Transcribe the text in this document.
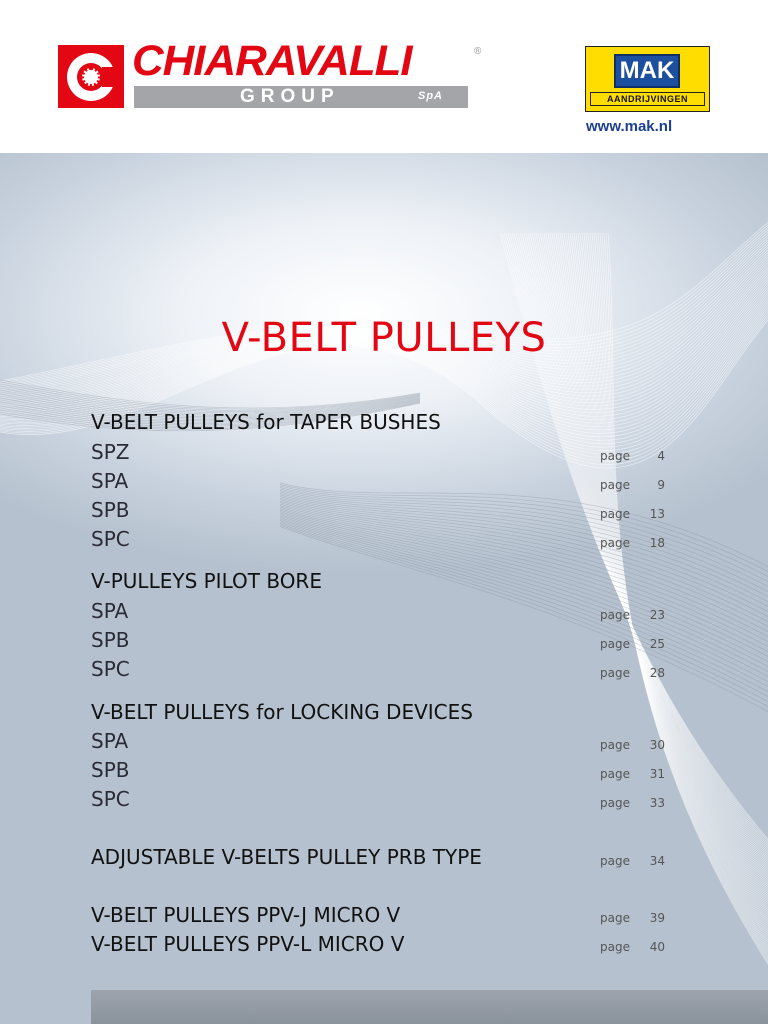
CHIARAVALLI	®
GROUP	SpA
MAK
AANDRIJVINGEN
www.mak.nl
V-BELT PULLEYS
V-BELT PULLEYS for TAPER BUSHES
SPZ	page	4
SPA	page	9
SPB	page	13
SPC	page	18
V-PULLEYS PILOT BORE
SPA	page	23
SPB	page	25
SPC	page	28
V-BELT PULLEYS for LOCKING DEVICES
SPA	page	30
SPB	page	31
SPC	page	33
ADJUSTABLE V-BELTS PULLEY PRB TYPE	page	34
V-BELT PULLEYS PPV-J MICRO V	page	39
V-BELT PULLEYS PPV-L MICRO V	page	40
